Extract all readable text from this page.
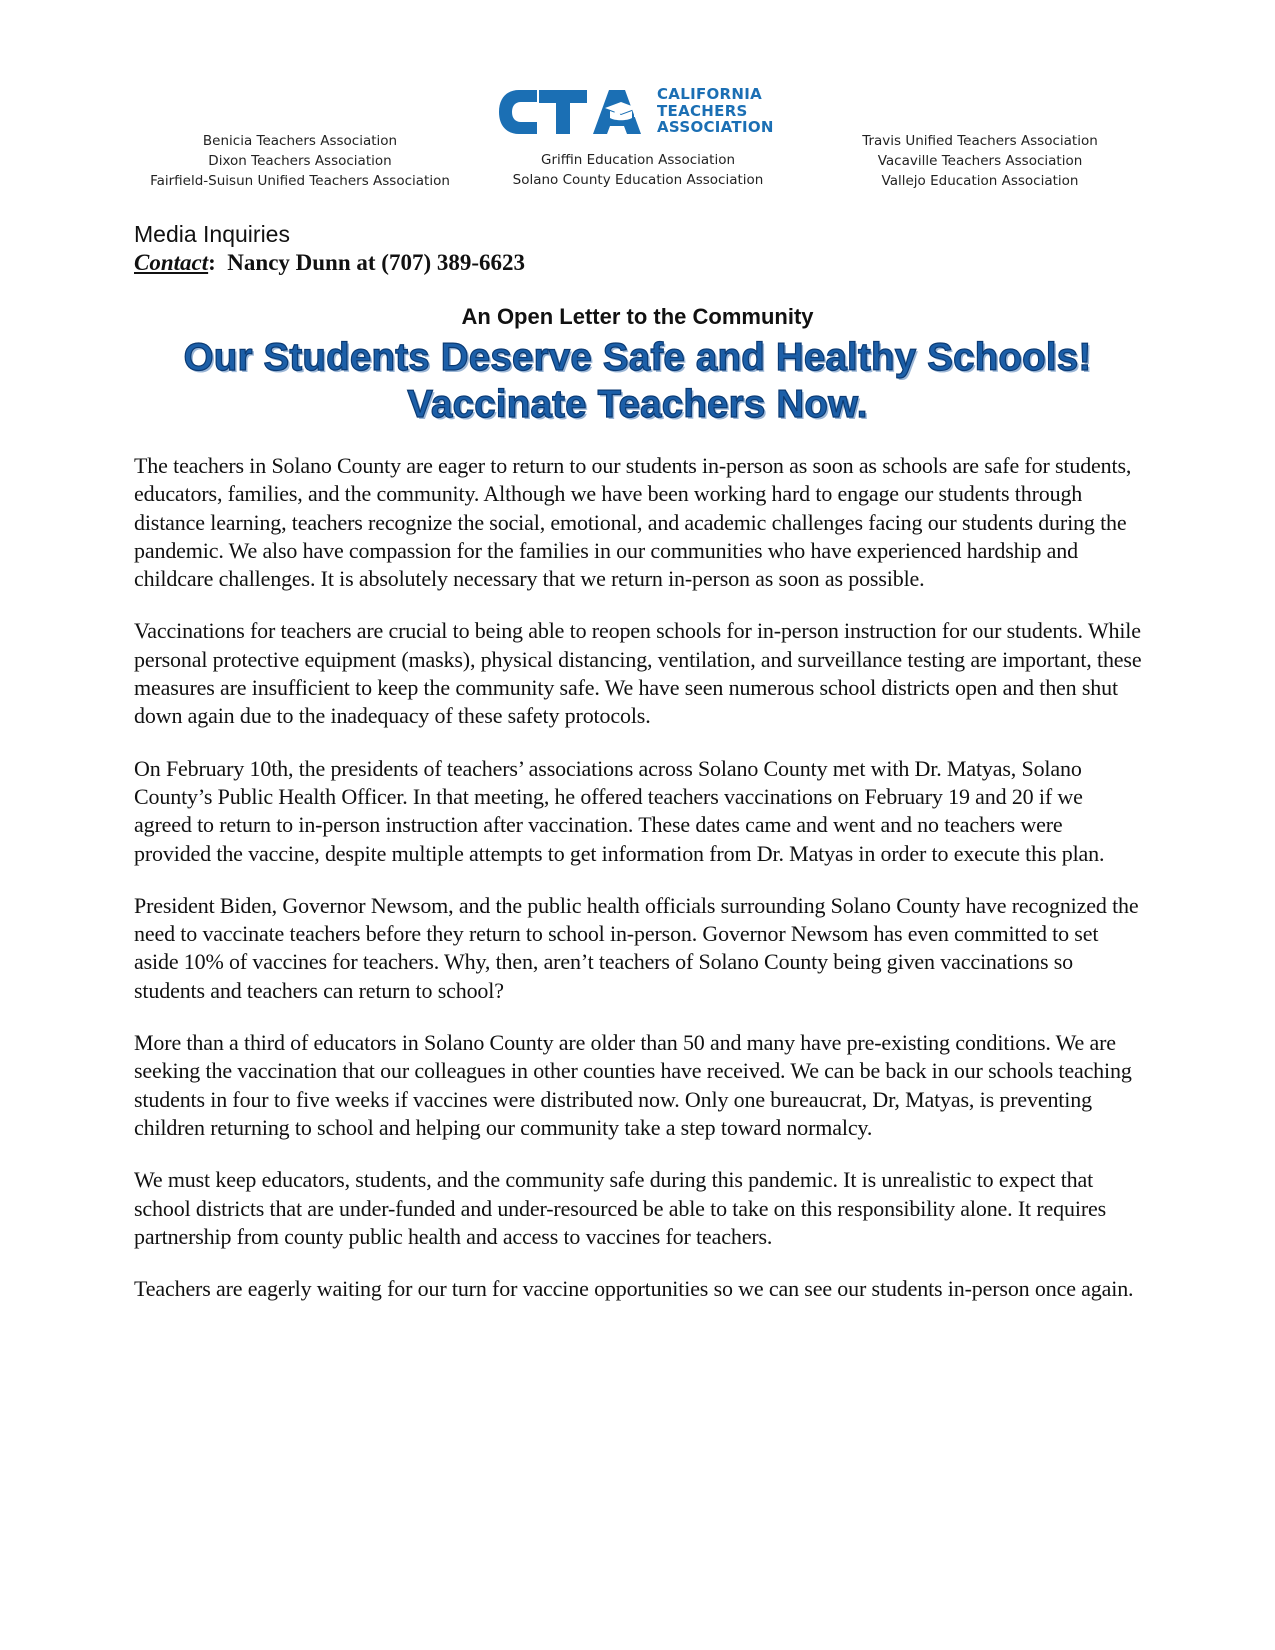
Benicia Teachers Association
Dixon Teachers Association
Fairfield-Suisun Unified Teachers Association
CALIFORNIA
TEACHERS
ASSOCIATION
Griffin Education Association
Solano County Education Association
Travis Unified Teachers Association
Vacaville Teachers Association
Vallejo Education Association
Media Inquiries
Contact:  Nancy Dunn at (707) 389-6623
An Open Letter to the Community
Our Students Deserve Safe and Healthy Schools!
Vaccinate Teachers Now.

The teachers in Solano County are eager to return to our students in-person as soon as schools are safe for students, educators, families, and the community. Although we have been working hard to engage our students through distance learning, teachers recognize the social, emotional, and academic challenges facing our students during the pandemic. We also have compassion for the families in our communities who have experienced hardship and childcare challenges. It is absolutely necessary that we return in-person as soon as possible.

Vaccinations for teachers are crucial to being able to reopen schools for in-person instruction for our students. While personal protective equipment (masks), physical distancing, ventilation, and surveillance testing are important, these measures are insufficient to keep the community safe. We have seen numerous school districts open and then shut down again due to the inadequacy of these safety protocols.

On February 10th, the presidents of teachers’ associations across Solano County met with Dr. Matyas, Solano County’s Public Health Officer. In that meeting, he offered teachers vaccinations on February 19 and 20 if we agreed to return to in-person instruction after vaccination. These dates came and went and no teachers were provided the vaccine, despite multiple attempts to get information from Dr. Matyas in order to execute this plan.

President Biden, Governor Newsom, and the public health officials surrounding Solano County have recognized the need to vaccinate teachers before they return to school in-person. Governor Newsom has even committed to set aside 10% of vaccines for teachers. Why, then, aren’t teachers of Solano County being given vaccinations so students and teachers can return to school?

More than a third of educators in Solano County are older than 50 and many have pre-existing conditions. We are seeking the vaccination that our colleagues in other counties have received. We can be back in our schools teaching students in four to five weeks if vaccines were distributed now. Only one bureaucrat, Dr, Matyas, is preventing children returning to school and helping our community take a step toward normalcy.

We must keep educators, students, and the community safe during this pandemic. It is unrealistic to expect that school districts that are under-funded and under-resourced be able to take on this responsibility alone. It requires partnership from county public health and access to vaccines for teachers.

Teachers are eagerly waiting for our turn for vaccine opportunities so we can see our students in-person once again.
